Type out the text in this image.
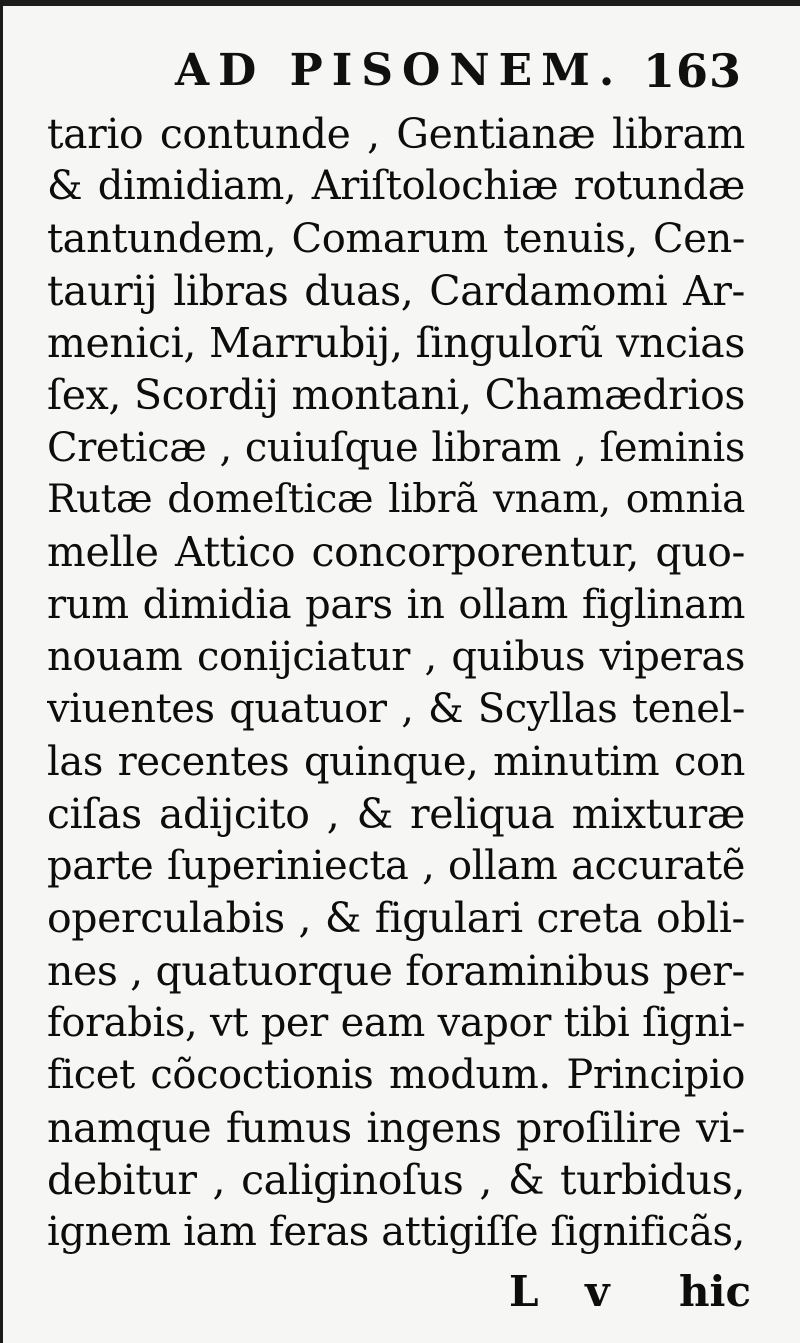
AD PISONEM. 163
tario contunde , Gentianæ libram
& dimidiam, Ariſtolochiæ rotundæ
tantundem, Comarum tenuis, Cen-
taurij libras duas, Cardamomi Ar-
menici, Marrubij, ſingulorũ vncias
ſex, Scordij montani, Chamædrios
Creticæ , cuiuſque libram , ſeminis
Rutæ domeſticæ librã vnam, omnia
melle Attico concorporentur, quo-
rum dimidia pars in ollam figlinam
nouam conijciatur , quibus viperas
viuentes quatuor , & Scyllas tenel-
las recentes quinque, minutim con
ciſas adijcito , & reliqua mixturæ
parte ſuperiniecta , ollam accuratẽ
operculabis , & figulari creta obli-
nes , quatuorque foraminibus per-
forabis, vt per eam vapor tibi ſigni-
ficet cõcoctionis modum. Principio
namque fumus ingens proſilire vi-
debitur , caliginoſus , & turbidus,
ignem iam feras attigiſſe ſignificãs,
L v hic
